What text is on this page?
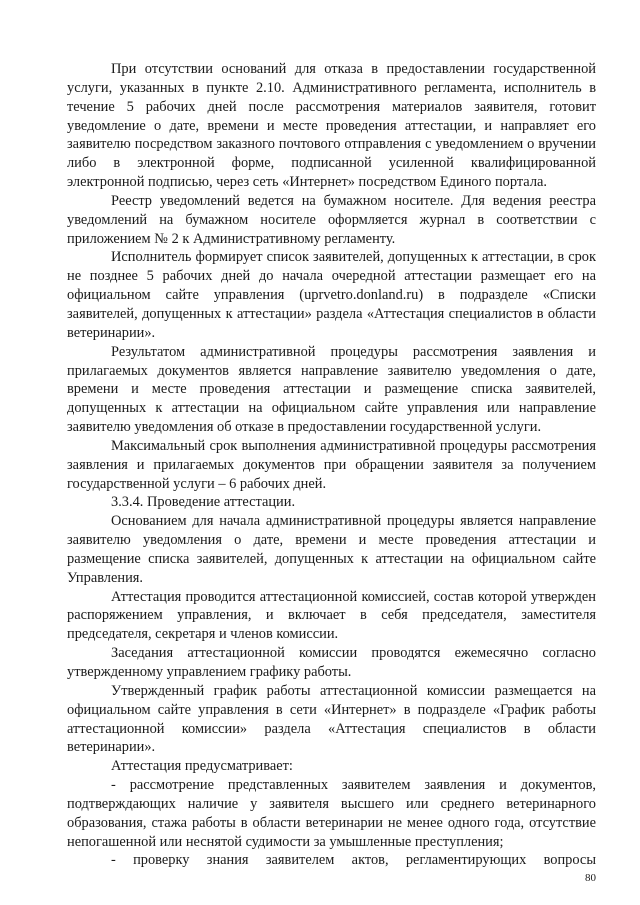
При отсутствии оснований для отказа в предоставлении государственной услуги, указанных в пункте 2.10. Административного регламента, исполнитель в течение 5 рабочих дней после рассмотрения материалов заявителя, готовит уведомление о дате, времени и месте проведения аттестации, и направляет его заявителю посредством заказного почтового отправления с уведомлением о вручении либо в электронной форме, подписанной усиленной квалифицированной электронной подписью, через сеть «Интернет» посредством Единого портала.

Реестр уведомлений ведется на бумажном носителе. Для ведения реестра уведомлений на бумажном носителе оформляется журнал в соответствии с приложением № 2 к Административному регламенту.

Исполнитель формирует список заявителей, допущенных к аттестации, в срок не позднее 5 рабочих дней до начала очередной аттестации размещает его на официальном сайте управления (uprvetro.donland.ru) в подразделе «Списки заявителей, допущенных к аттестации» раздела «Аттестация специалистов в области ветеринарии».

Результатом административной процедуры рассмотрения заявления и прилагаемых документов является направление заявителю уведомления о дате, времени и месте проведения аттестации и размещение списка заявителей, допущенных к аттестации на официальном сайте управления или направление заявителю уведомления об отказе в предоставлении государственной услуги.

Максимальный срок выполнения административной процедуры рассмотрения заявления и прилагаемых документов при обращении заявителя за получением государственной услуги – 6 рабочих дней.

3.3.4. Проведение аттестации.

Основанием для начала административной процедуры является направление заявителю уведомления о дате, времени и месте проведения аттестации и размещение списка заявителей, допущенных к аттестации на официальном сайте Управления.

Аттестация проводится аттестационной комиссией, состав которой утвержден распоряжением управления, и включает в себя председателя, заместителя председателя, секретаря и членов комиссии.

Заседания аттестационной комиссии проводятся ежемесячно согласно утвержденному управлением графику работы.

Утвержденный график работы аттестационной комиссии размещается на официальном сайте управления в сети «Интернет» в подразделе «График работы аттестационной комиссии» раздела «Аттестация специалистов в области ветеринарии».

Аттестация предусматривает:

- рассмотрение представленных заявителем заявления и документов, подтверждающих наличие у заявителя высшего или среднего ветеринарного образования, стажа работы в области ветеринарии не менее одного года, отсутствие непогашенной или неснятой судимости за умышленные преступления;

- проверку знания заявителем актов, регламентирующих вопросы

80
